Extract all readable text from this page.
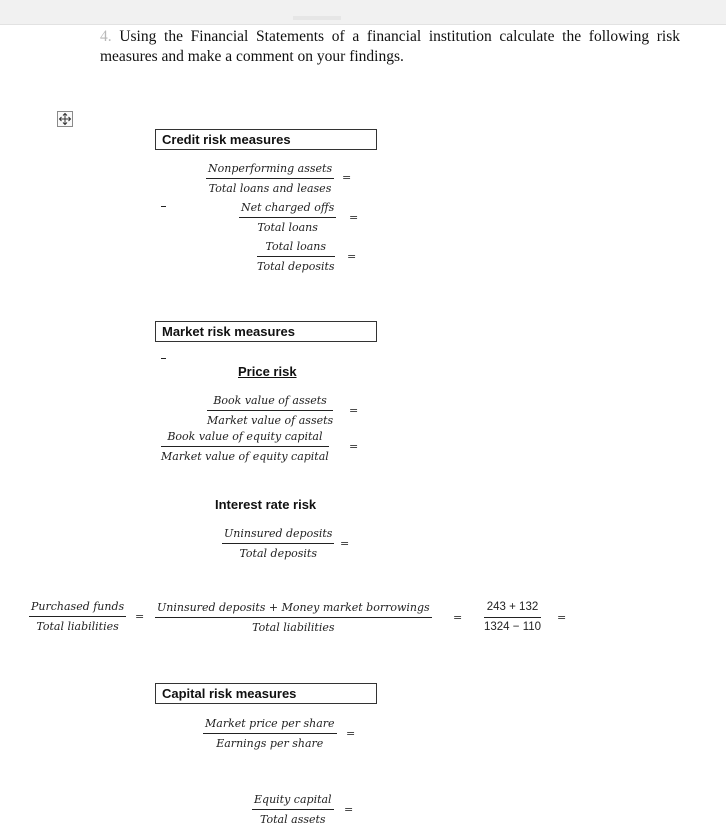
4. Using the Financial Statements of a financial institution calculate the following risk measures and make a comment on your findings.
Credit risk measures
Nonperforming assets
Total loans and leases
=
Net charged offs
Total loans
=
Total loans
Total deposits
=
Market risk measures
Price risk
Book value of assets
Market value of assets
=
Book value of equity capital
Market value of equity capital
=
Interest rate risk
Uninsured deposits
Total deposits
=
Purchased funds
Total liabilities
=
Uninsured deposits + Money market borrowings
Total liabilities
= $\frac{243 + 132}{1324 - 110}$ =
Capital risk measures
Market price per share
Earnings per share
=
Equity capital
Total assets
=
